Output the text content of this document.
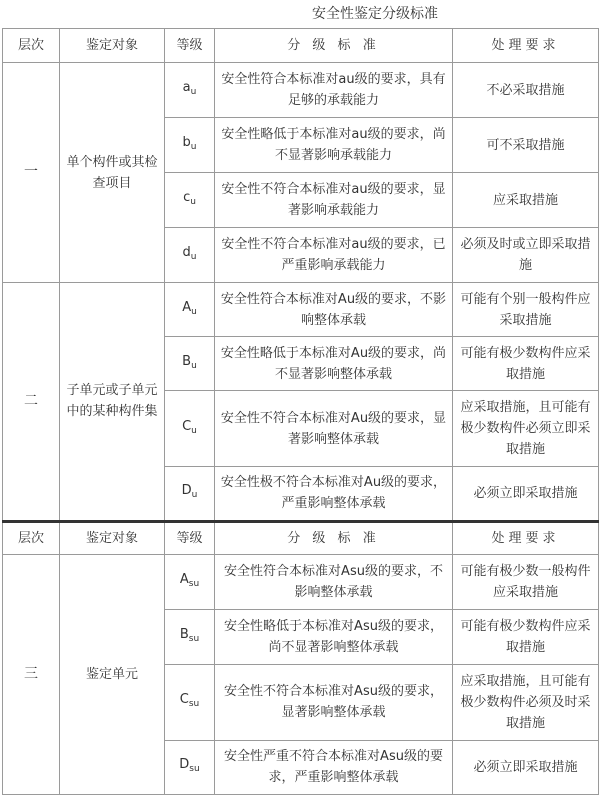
安全性鉴定分级标准
层次	鉴定对象	等级	分 级 标 准	处理要求
一	单个构件或其检查项目	$a_u$	安全性符合本标准对au级的要求，具有足够的承载能力	不必采取措施
		$b_u$	安全性略低于本标准对au级的要求，尚不显著影响承载能力	可不采取措施
		$c_u$	安全性不符合本标准对au级的要求，显著影响承载能力	应采取措施
		$d_u$	安全性不符合本标准对au级的要求，已严重影响承载能力	必须及时或立即采取措施
二	子单元或子单元中的某种构件集	$A_u$	安全性符合本标准对Au级的要求，不影响整体承载	可能有个别一般构件应采取措施
		$B_u$	安全性略低于本标准对Au级的要求，尚不显著影响整体承载	可能有极少数构件应采取措施
		$C_u$	安全性不符合本标准对Au级的要求，显著影响整体承载	应采取措施，且可能有极少数构件必须立即采取措施
		$D_u$	安全性极不符合本标准对Au级的要求，严重影响整体承载	必须立即采取措施
层次	鉴定对象	等级	分 级 标 准	处理要求
三	鉴定单元	$A_{su}$	安全性符合本标准对Asu级的要求，不影响整体承载	可能有极少数一般构件应采取措施
		$B_{su}$	安全性略低于本标准对Asu级的要求，尚不显著影响整体承载	可能有极少数构件应采取措施
		$C_{su}$	安全性不符合本标准对Asu级的要求，显著影响整体承载	应采取措施，且可能有极少数构件必须及时采取措施
		$D_{su}$	安全性严重不符合本标准对Asu级的要求，严重影响整体承载	必须立即采取措施
